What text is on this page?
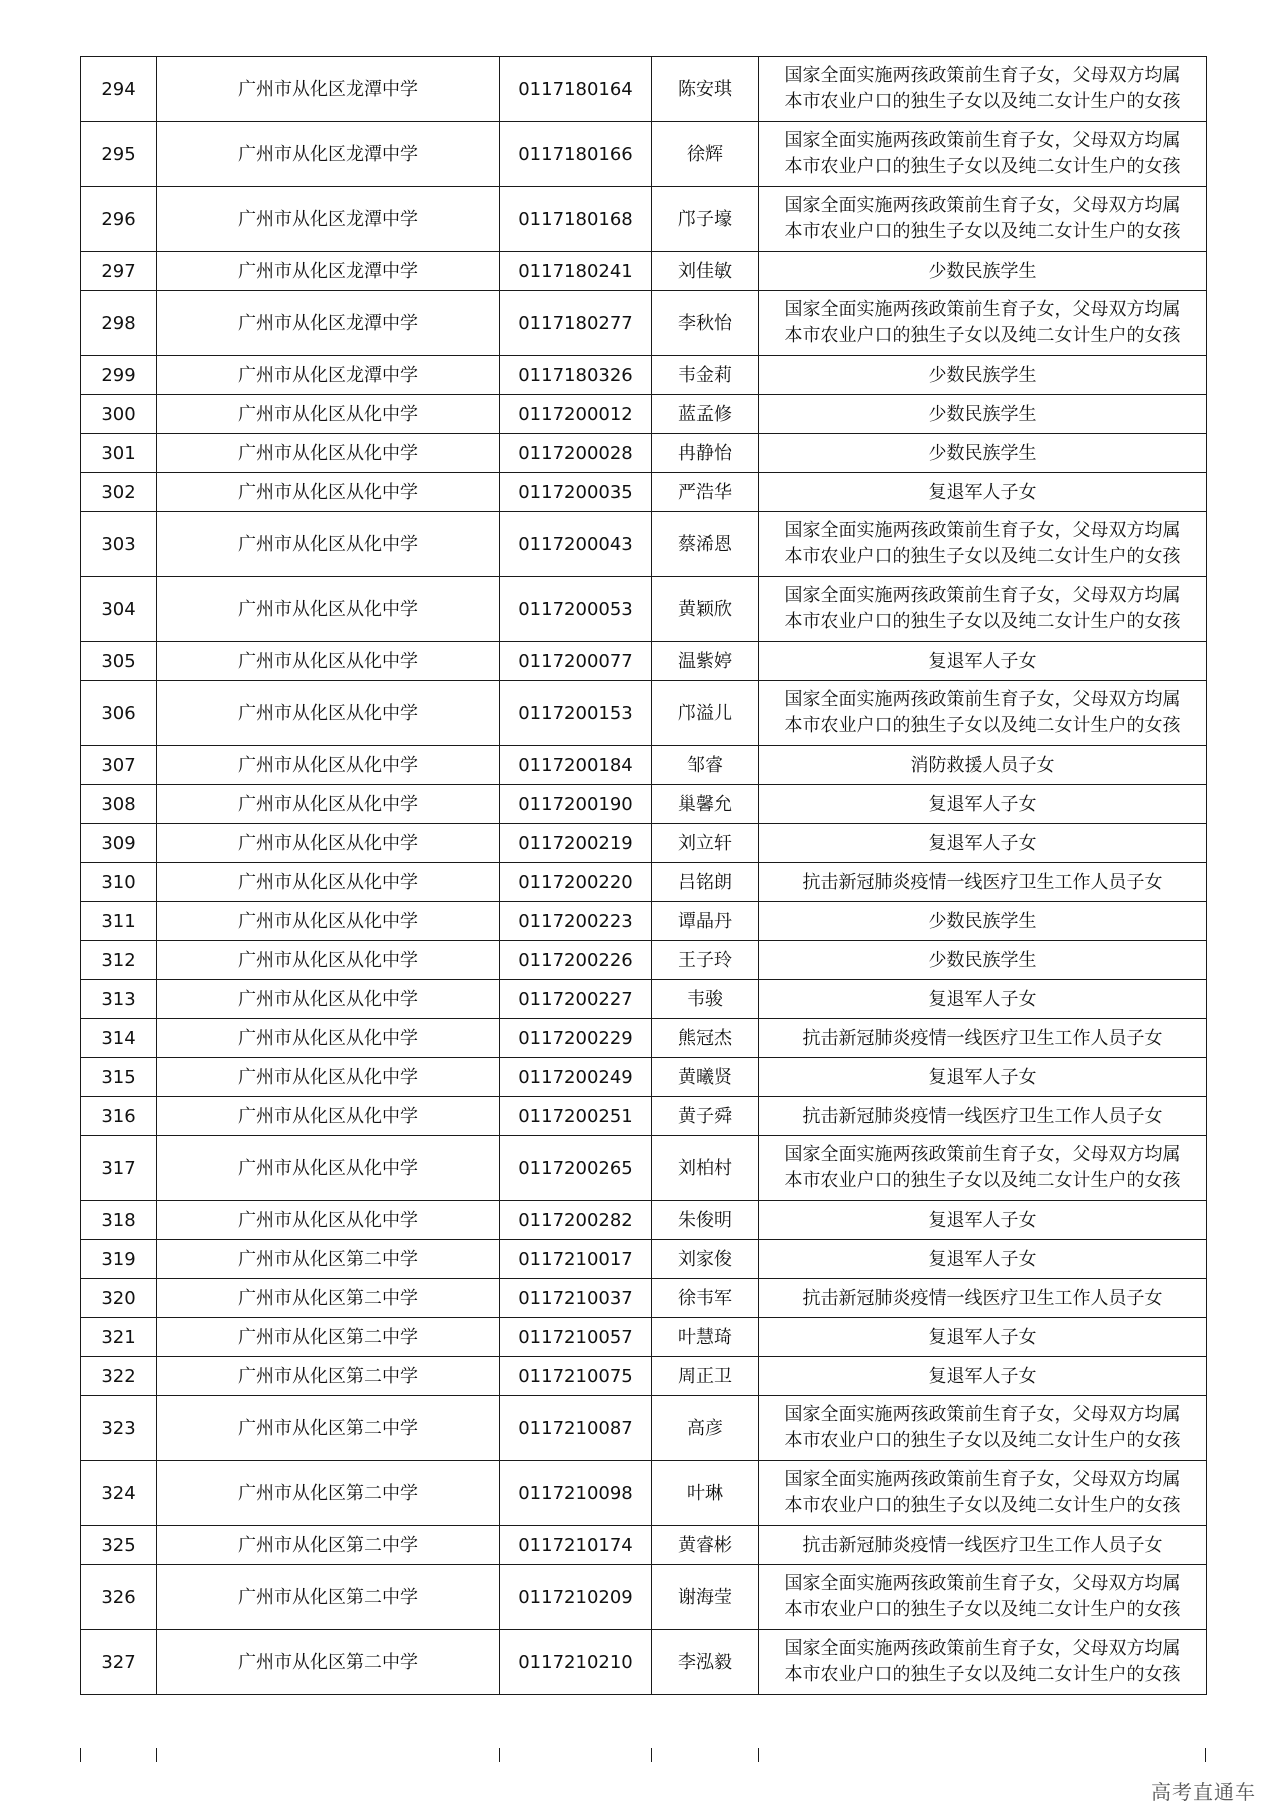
294	广州市从化区龙潭中学	0117180164	陈安琪	国家全面实施两孩政策前生育子女，父母双方均属
本市农业户口的独生子女以及纯二女计生户的女孩

295	广州市从化区龙潭中学	0117180166	徐辉	国家全面实施两孩政策前生育子女，父母双方均属
本市农业户口的独生子女以及纯二女计生户的女孩

296	广州市从化区龙潭中学	0117180168	邝子壕	国家全面实施两孩政策前生育子女，父母双方均属
本市农业户口的独生子女以及纯二女计生户的女孩

297	广州市从化区龙潭中学	0117180241	刘佳敏	少数民族学生

298	广州市从化区龙潭中学	0117180277	李秋怡	国家全面实施两孩政策前生育子女，父母双方均属
本市农业户口的独生子女以及纯二女计生户的女孩

299	广州市从化区龙潭中学	0117180326	韦金莉	少数民族学生

300	广州市从化区从化中学	0117200012	蓝孟修	少数民族学生

301	广州市从化区从化中学	0117200028	冉静怡	少数民族学生

302	广州市从化区从化中学	0117200035	严浩华	复退军人子女

303	广州市从化区从化中学	0117200043	蔡浠恩	国家全面实施两孩政策前生育子女，父母双方均属
本市农业户口的独生子女以及纯二女计生户的女孩

304	广州市从化区从化中学	0117200053	黄颖欣	国家全面实施两孩政策前生育子女，父母双方均属
本市农业户口的独生子女以及纯二女计生户的女孩

305	广州市从化区从化中学	0117200077	温紫婷	复退军人子女

306	广州市从化区从化中学	0117200153	邝溢儿	国家全面实施两孩政策前生育子女，父母双方均属
本市农业户口的独生子女以及纯二女计生户的女孩

307	广州市从化区从化中学	0117200184	邹睿	消防救援人员子女

308	广州市从化区从化中学	0117200190	巢馨允	复退军人子女

309	广州市从化区从化中学	0117200219	刘立轩	复退军人子女

310	广州市从化区从化中学	0117200220	吕铭朗	抗击新冠肺炎疫情一线医疗卫生工作人员子女

311	广州市从化区从化中学	0117200223	谭晶丹	少数民族学生

312	广州市从化区从化中学	0117200226	王子玲	少数民族学生

313	广州市从化区从化中学	0117200227	韦骏	复退军人子女

314	广州市从化区从化中学	0117200229	熊冠杰	抗击新冠肺炎疫情一线医疗卫生工作人员子女

315	广州市从化区从化中学	0117200249	黄曦贤	复退军人子女

316	广州市从化区从化中学	0117200251	黄子舜	抗击新冠肺炎疫情一线医疗卫生工作人员子女

317	广州市从化区从化中学	0117200265	刘柏村	国家全面实施两孩政策前生育子女，父母双方均属
本市农业户口的独生子女以及纯二女计生户的女孩

318	广州市从化区从化中学	0117200282	朱俊明	复退军人子女

319	广州市从化区第二中学	0117210017	刘家俊	复退军人子女

320	广州市从化区第二中学	0117210037	徐韦军	抗击新冠肺炎疫情一线医疗卫生工作人员子女

321	广州市从化区第二中学	0117210057	叶慧琦	复退军人子女

322	广州市从化区第二中学	0117210075	周正卫	复退军人子女

323	广州市从化区第二中学	0117210087	高彦	国家全面实施两孩政策前生育子女，父母双方均属
本市农业户口的独生子女以及纯二女计生户的女孩

324	广州市从化区第二中学	0117210098	叶琳	国家全面实施两孩政策前生育子女，父母双方均属
本市农业户口的独生子女以及纯二女计生户的女孩

325	广州市从化区第二中学	0117210174	黄睿彬	抗击新冠肺炎疫情一线医疗卫生工作人员子女

326	广州市从化区第二中学	0117210209	谢海莹	国家全面实施两孩政策前生育子女，父母双方均属
本市农业户口的独生子女以及纯二女计生户的女孩

327	广州市从化区第二中学	0117210210	李泓毅	国家全面实施两孩政策前生育子女，父母双方均属
本市农业户口的独生子女以及纯二女计生户的女孩
高考直通车
